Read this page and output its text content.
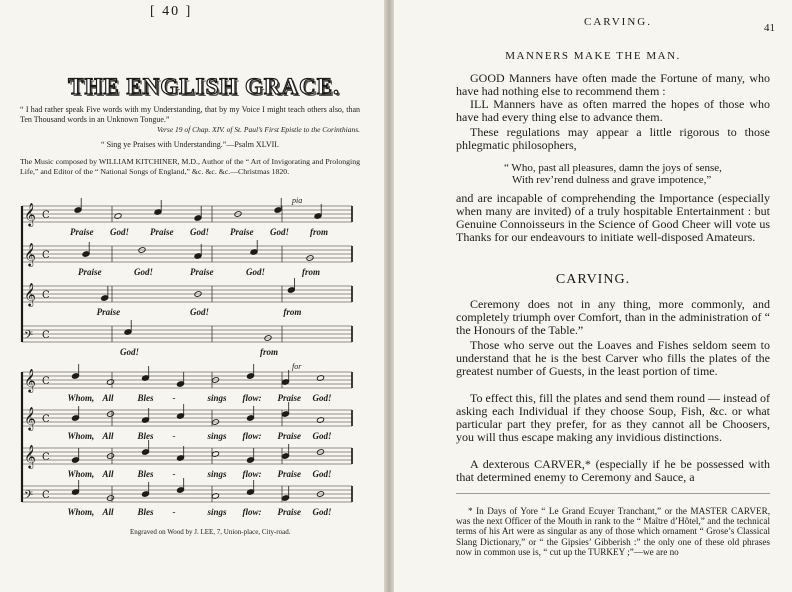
[ 40 ]
THE ENGLISH GRACE.
“ I had rather speak Five words with my Understanding, that by my Voice I might teach others also, than Ten Thousand words in an Unknown Tongue.”
Verse 19 of Chap. XIV. of St. Paul’s First Epistle to the Corinthians.
“ Sing ye Praises with Understanding.”—Psalm XLVII.
The Music composed by WILLIAM KITCHINER, M.D., Author of the “ Art of Invigorating and Prolonging Life,” and Editor of the “ National Songs of England,” &c. &c. &c.—Christmas 1820.
𝄞 C
Praise God! Praise God! Praise God! from
pia
𝄞 C
Praise	God!	Praise	God!	from
𝄞 C
Praise	God!	from
𝄢 C
God!	from
𝄞 C
Whom, All	Bles -	sings flow: Praise God!
for
𝄞 C
Whom, All	Bles -	sings flow: Praise God!
𝄞 C
Whom, All	Bles -	sings flow: Praise God!
𝄢 C
Whom, All	Bles -	sings flow: Praise God!
Engraved on Wood by J. LEE, 7, Union-place, City-road.
CARVING.	41
MANNERS MAKE THE MAN.
GOOD Manners have often made the Fortune of many, who have had nothing else to recommend them :
ILL Manners have as often marred the hopes of those who have had every thing else to advance them.
These regulations may appear a little rigorous to those phlegmatic philosophers,
“ Who, past all pleasures, damn the joys of sense,
With rev’rend dulness and grave impotence,”
and are incapable of comprehending the Importance (especially when many are invited) of a truly hospitable Entertainment : but Genuine Connoisseurs in the Science of Good Cheer will vote us Thanks for our endeavours to initiate well-disposed Amateurs.
CARVING.
Ceremony does not in any thing, more commonly, and completely triumph over Comfort, than in the administration of “ the Honours of the Table.”
Those who serve out the Loaves and Fishes seldom seem to understand that he is the best Carver who fills the plates of the greatest number of Guests, in the least portion of time.
To effect this, fill the plates and send them round — instead of asking each Individual if they choose Soup, Fish, &c. or what particular part they prefer, for as they cannot all be Choosers, you will thus escape making any invidious distinctions.
A dexterous CARVER,* (especially if he be possessed with that determined enemy to Ceremony and Sauce, a
* In Days of Yore “ Le Grand Ecuyer Tranchant,” or the MASTER CARVER, was the next Officer of the Mouth in rank to the “ Maître d’Hôtel,” and the technical terms of his Art were as singular as any of those which ornament “ Grose’s Classical Slang Dictionary,” or “ the Gipsies’ Gibberish :” the only one of these old phrases now in common use is, “ cut up the TURKEY ;”—we are no
